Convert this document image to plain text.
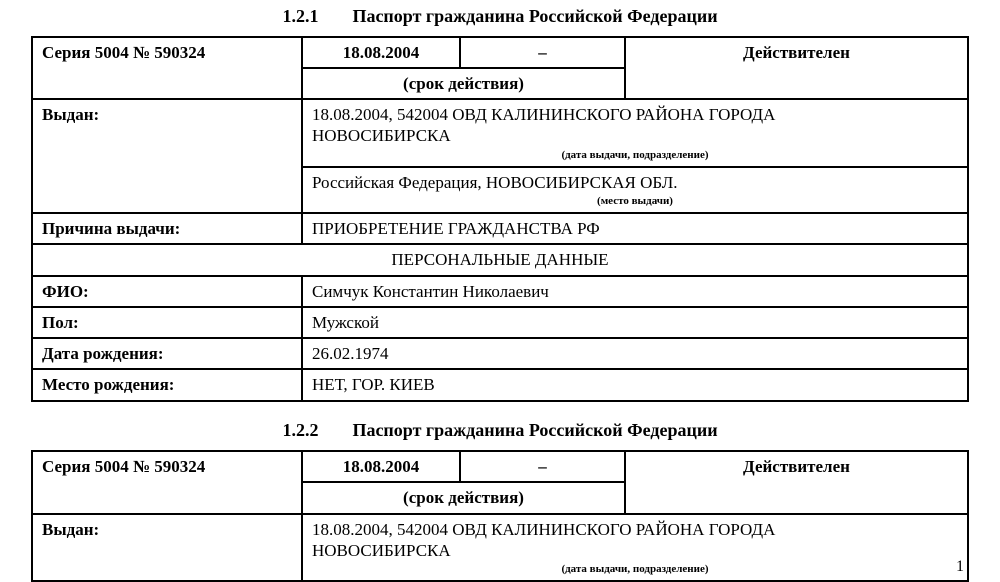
1.2.1 Паспорт гражданина Российской Федерации
Серия 5004 № 590324	18.08.2004	–	Действителен
	(срок действия)		
Выдан:	18.08.2004, 542004 ОВД КАЛИНИНСКОГО РАЙОНА ГОРОДА НОВОСИБИРСКА
(дата выдачи, подразделение)		

	Российская Федерация, НОВОСИБИРСКАЯ ОБЛ.
(место выдачи)		

Причина выдачи:	ПРИОБРЕТЕНИЕ ГРАЖДАНСТВА РФ		
ПЕРСОНАЛЬНЫЕ ДАННЫЕ			
ФИО:	Симчук Константин Николаевич		
Пол:	Мужской		
Дата рождения:	26.02.1974		
Место рождения:	НЕТ, ГОР. КИЕВ		
1.2.2 Паспорт гражданина Российской Федерации
Серия 5004 № 590324	18.08.2004	–	Действителен
	(срок действия)		
Выдан:	18.08.2004, 542004 ОВД КАЛИНИНСКОГО РАЙОНА ГОРОДА НОВОСИБИРСКА
(дата выдачи, подразделение)			1
